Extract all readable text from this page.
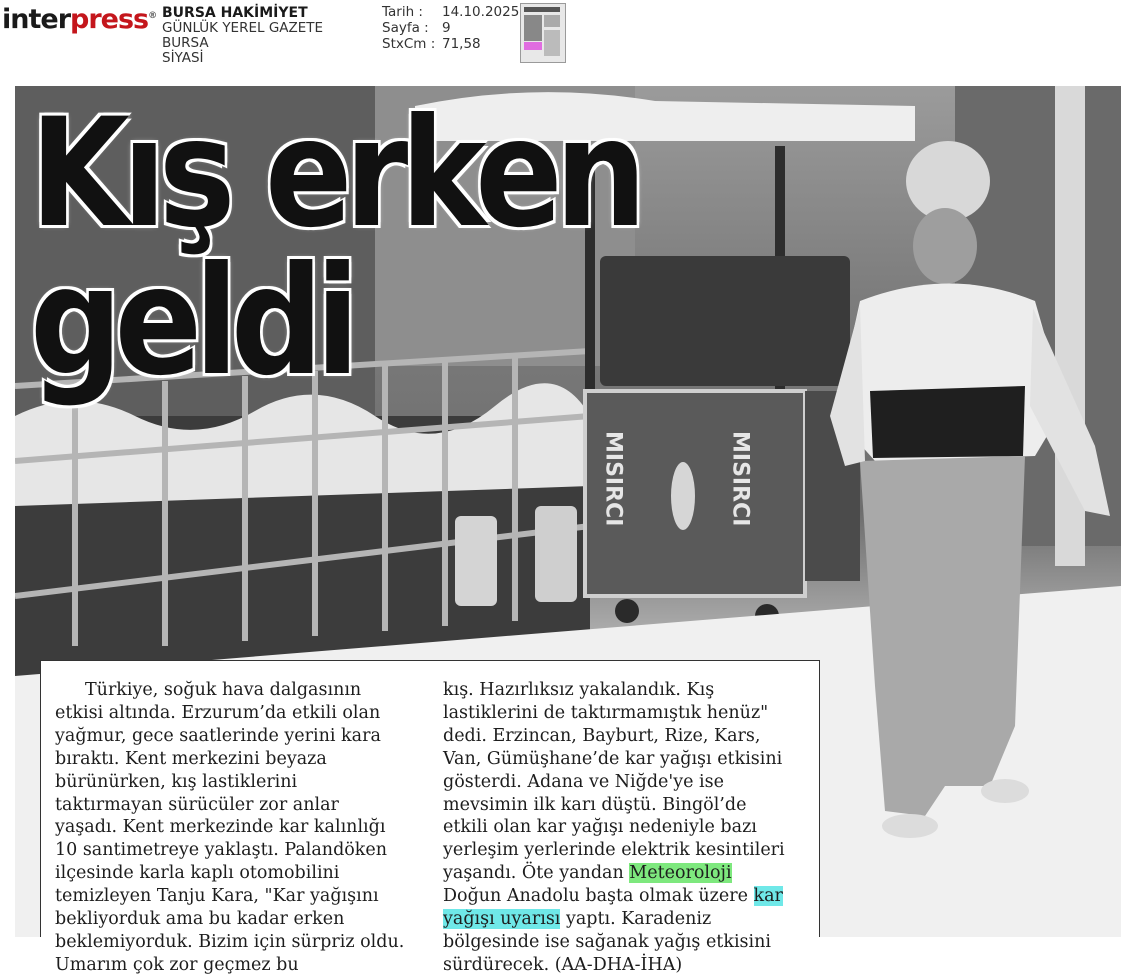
interpress® BURSA HAKİMİYET
GÜNLÜK YEREL GAZETE
BURSA
SİYASİ
Tarih :	14.10.2025
Sayfa : 9
StxCm : 71,58
MISIRCI	MISIRCI
Kış erken
geldi

Türkiye, soğuk hava dalgasının etkisi altında. Erzurum’da etkili olan yağmur, gece saatlerinde yerini kara bıraktı. Kent merkezini beyaza bürünürken, kış lastiklerini taktırmayan sürücüler zor anlar yaşadı. Kent merkezinde kar kalınlığı 10 santimetreye yaklaştı. Palandöken ilçesinde karla kaplı otomobilini temizleyen Tanju Kara, "Kar yağışını bekliyorduk ama bu kadar erken beklemiyorduk. Bizim için sürpriz oldu. Umarım çok zor geçmez bu

kış. Hazırlıksız yakalandık. Kış lastiklerini de taktırmamıştık henüz" dedi. Erzincan, Bayburt, Rize, Kars, Van, Gümüşhane’de kar yağışı etkisini gösterdi. Adana ve Niğde'ye ise mevsimin ilk karı düştü. Bingöl’de etkili olan kar yağışı nedeniyle bazı yerleşim yerlerinde elektrik kesintileri yaşandı. Öte yandan Meteoroloji Doğun Anadolu başta olmak üzere kar yağışı uyarısı yaptı. Karadeniz bölgesinde ise sağanak yağış etkisini sürdürecek. (AA-DHA-İHA)
